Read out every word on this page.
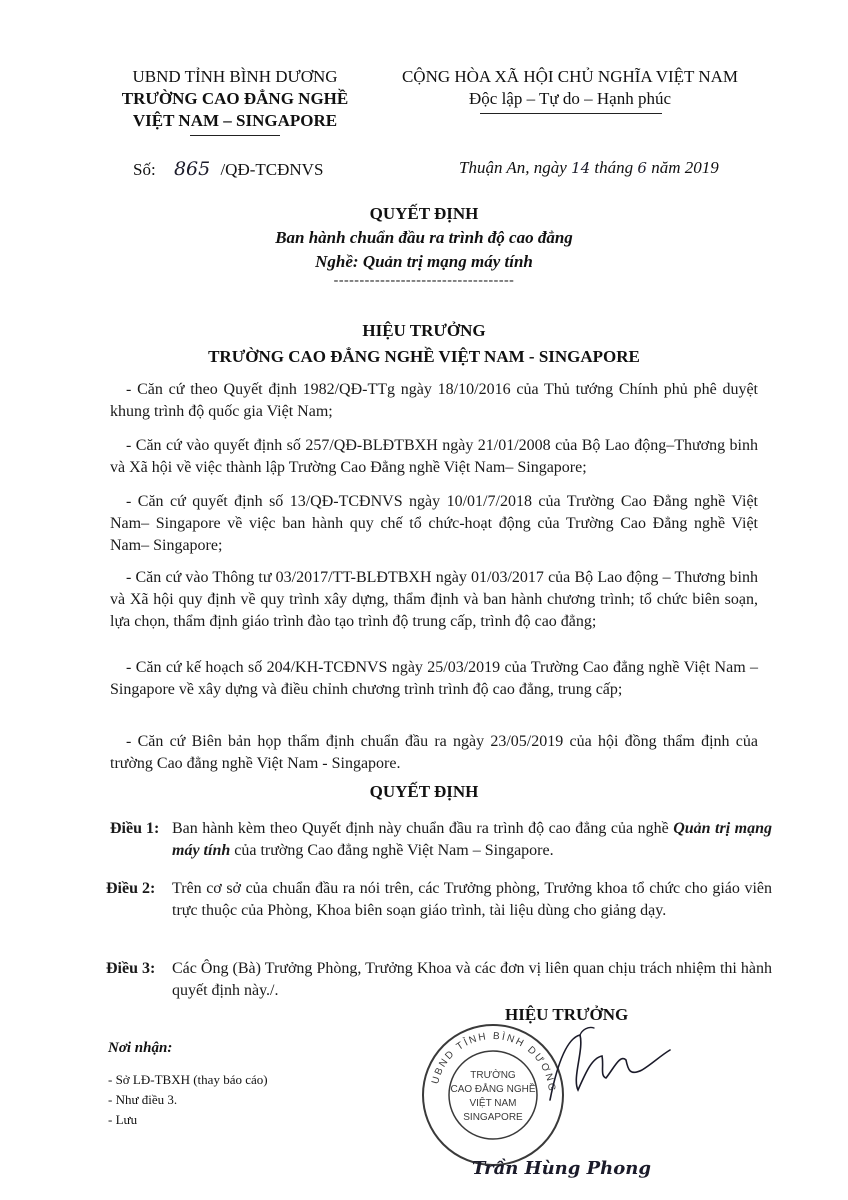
UBND TỈNH BÌNH DƯƠNG
TRƯỜNG CAO ĐẲNG NGHỀ
VIỆT NAM – SINGAPORE
Số: 865 /QĐ-TCĐNVS
CỘNG HÒA XÃ HỘI CHỦ NGHĨA VIỆT NAM
Độc lập – Tự do – Hạnh phúc
Thuận An, ngày 14 tháng 6 năm 2019
QUYẾT ĐỊNH
Ban hành chuẩn đầu ra trình độ cao đẳng
Nghề: Quản trị mạng máy tính
-----------------------------------
HIỆU TRƯỞNG
TRƯỜNG CAO ĐẲNG NGHỀ VIỆT NAM - SINGAPORE
- Căn cứ theo Quyết định 1982/QĐ-TTg ngày 18/10/2016 của Thủ tướng Chính phủ phê duyệt khung trình độ quốc gia Việt Nam;
- Căn cứ vào quyết định số 257/QĐ-BLĐTBXH ngày 21/01/2008 của Bộ Lao động–Thương binh và Xã hội về việc thành lập Trường Cao Đẳng nghề Việt Nam– Singapore;
- Căn cứ quyết định số 13/QĐ-TCĐNVS ngày 10/01/7/2018 của Trường Cao Đẳng nghề Việt Nam– Singapore về việc ban hành quy chế tổ chức-hoạt động của Trường Cao Đẳng nghề Việt Nam– Singapore;
- Căn cứ vào Thông tư 03/2017/TT-BLĐTBXH ngày 01/03/2017 của Bộ Lao động – Thương binh và Xã hội quy định về quy trình xây dựng, thẩm định và ban hành chương trình; tổ chức biên soạn, lựa chọn, thẩm định giáo trình đào tạo trình độ trung cấp, trình độ cao đẳng;
- Căn cứ kế hoạch số 204/KH-TCĐNVS ngày 25/03/2019 của Trường Cao đẳng nghề Việt Nam – Singapore về xây dựng và điều chỉnh chương trình trình độ cao đẳng, trung cấp;
- Căn cứ Biên bản họp thẩm định chuẩn đầu ra ngày 23/05/2019 của hội đồng thẩm định của trường Cao đẳng nghề Việt Nam - Singapore.
QUYẾT ĐỊNH
Điều 1: Ban hành kèm theo Quyết định này chuẩn đầu ra trình độ cao đẳng của nghề Quản trị mạng máy tính của trường Cao đẳng nghề Việt Nam – Singapore.
Điều 2: Trên cơ sở của chuẩn đầu ra nói trên, các Trưởng phòng, Trưởng khoa tổ chức cho giáo viên trực thuộc của Phòng, Khoa biên soạn giáo trình, tài liệu dùng cho giảng dạy.
Điều 3: Các Ông (Bà) Trưởng Phòng, Trưởng Khoa và các đơn vị liên quan chịu trách nhiệm thi hành quyết định này./.
HIỆU TRƯỞNG
UBND TỈNH BÌNH DƯƠNG
TRƯỜNG
CAO ĐẲNG NGHỀ
VIỆT NAM
SINGAPORE
Trần Hùng Phong
Nơi nhận:
- Sở LĐ-TBXH (thay báo cáo)
- Như điều 3.
- Lưu
